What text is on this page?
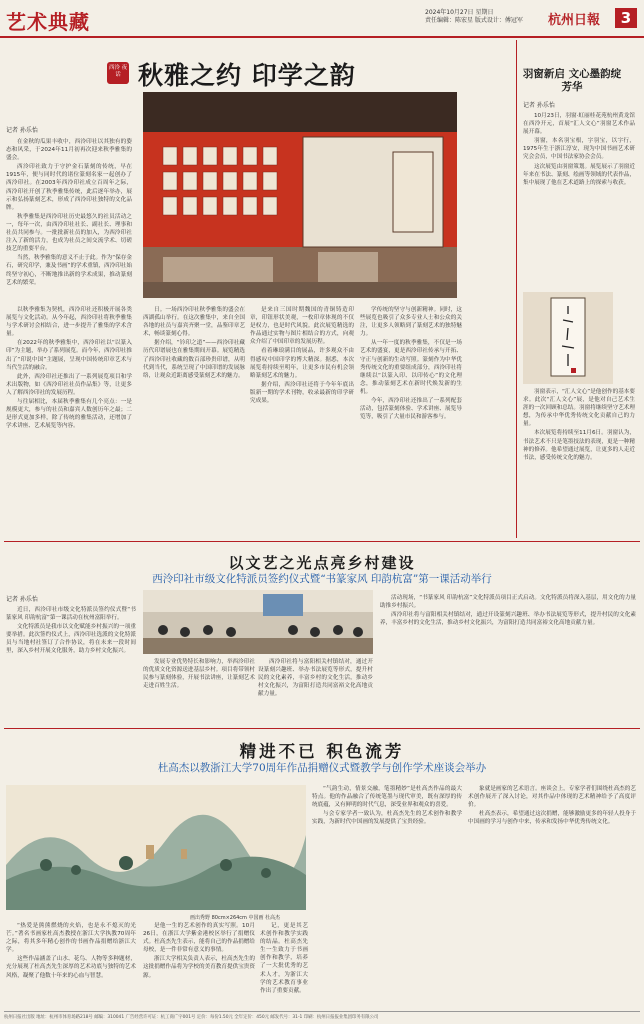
艺术典藏	2024年10月27日 星期日
责任编辑：陈宏星 版式设计：傅冠军	杭州日報	3
西泠 夜话 秋雅之约 印学之韵
记者 孙乐怡

在金秋的瓜果丰收中，西泠印社以其独有的姿态和风采，于2024年11月初再次迎来秋季雅集的盛会。

西泠印社致力于守护金石篆刻的传统，早在1915年，便与同时代的诸位篆刻名家一起创办了西泠印社。在2003年西泠印社成立百周年之际，西泠印社开创了秋季雅集传统，此后逐年举办，展示和弘扬篆刻艺术，形成了西泠印社独特的文化品牌。

秋季雅集是西泠印社历史最悠久的社员活动之一，每年一次，由西泠印社社长、副社长、理事和社员共同参与。一批批新社员的加入，为西泠印社注入了新的活力，也成为社员之间交流学术、切磋技艺的重要平台。

当然，秋季雅集的意义不止于此。作为“保存金石，研究印学，兼及书画”的学术重镇，西泠印社始终坚守初心，不断地推出新的学术成果，推动篆刻艺术的繁荣。

以秋季雅集为契机，西泠印社还积极开展各类展览与文化活动。从今年起，西泠印社将秋季雅集与学术研讨会相结合，进一步提升了雅集的学术含量。

在2022年的秋季雅集中，西泠印社以“以篆入印”为主题，举办了系列展览。而今年，西泠印社推出了“印说中国”主题展，呈现中国传统印章艺术与当代生活的融合。

此外，西泠印社还推出了一系列展览项目和学术出版物，如《西泠印社社员作品集》等，让更多人了解西泠印社的发展历程。

与往届相比，本届秋季雅集有几个亮点：一是规模更大，参与的社员和嘉宾人数创历年之最；二是形式更加多样，除了传统的雅集活动，还增加了学术讲座、艺术展览等内容。

日。一场西泠印社秋季雅集的盛会在西湖孤山举行。在这次雅集中，来自全国各地的社员与嘉宾齐聚一堂，品鉴印章艺术，畅谈篆刻心得。

据介绍，“钤印之道”——西泠印社藏历代印谱展也在雅集期间开幕。展览精选了西泠印社收藏的数百部珍贵印谱，从明代到当代，系统呈现了中国印谱的发展脉络，让观众近距离感受篆刻艺术的魅力。

是来自三国时期魏国的青铜铸造印章，印钮形状美观，一枚印章体现的不仅是权力，也是时代风貌。此次展览精选的作品通过实物与图片相结合的方式，向观众介绍了中国印章的发展历程。

看着琳琅满目的展品，许多观众不由得感叹中国印学的博大精深。据悉，本次展览将持续至明年，让更多市民有机会领略篆刻艺术的魅力。

据介绍，西泠印社还将于今年年底出版新一期的学术刊物，收录最新的印学研究成果。

学传统的坚守与创新精神。同时，这些展览也吸引了众多专业人士和公众的关注，让更多人领略到了篆刻艺术的独特魅力。

从一年一度的秋季雅集，不仅是一场艺术的盛宴，更是西泠印社传承与开拓、守正与创新的生动写照。篆刻作为中华优秀传统文化的重要组成部分，西泠印社将继续以“以篆入印、以印传心”的文化理念，推动篆刻艺术在新时代焕发新的生机。

今年，西泠印社还推出了一系列配套活动，包括篆刻体验、学术讲座、展览导览等，吸引了大量市民和游客参与。

羽窗新启 文心墨韵绽芳华
记者 孙乐怡

10月23日，羽窗·虹丽桂花苑杭州黄龙馆在西泠开元，首展“汇人文心”羽窗艺术作品展开幕。

羽窗，本名羽宝根，字羽宝，以字行，1975年生于浙江淳安，现为中国书画艺术研究会会员，中国书法家协会会员。

这次展览由羽窗策划。展览展示了羽窗近年来在书法、篆刻、绘画等领域的代表作品，集中展现了他在艺术道路上的探索与收获。

羽窗表示，“汇人文心”是他创作的基本要求。此次“汇人文心”展，是他对自己艺术生涯的一次回顾和总结。羽窗将继续坚守艺术理想，为传承中华优秀传统文化贡献自己的力量。

本次展览将持续至11月6日。羽窗认为，书法艺术不只是笔墨技法的表现，更是一种精神的修养。他希望通过展览，让更多的人走近书法，感受传统文化的魅力。

以文艺之光点亮乡村建设
西泠印社市级文化特派员签约仪式暨“书篆家风 印韵杭富”第一课活动举行
记者 孙乐怡

近日，西泠印社市级文化特派员签约仪式暨“书篆家风 印韵杭富”第一课活动在杭州富阳举行。

文化特派员是我市以文化赋能乡村振兴的一项重要举措。此次签约仪式上，西泠印社选派的文化特派员与当地村社签订了合作协议，将在未来一段时间里，深入乡村开展文化服务，助力乡村文化振兴。

发展专业优势特长和影响力，举西泠印社的优质文化资源送进基层乡村。项目将带领村民参与篆刻体验，开展书法讲座，让篆刻艺术走进百姓生活。

西泠印社将与富阳相关村镇结对，通过开设篆刻兴趣班、举办书法展览等形式，提升村民的文化素养，丰富乡村的文化生活，推动乡村文化振兴，为富阳打造共同富裕文化高地贡献力量。

活动现场，“书篆家风 印韵杭富”文化特派员项目正式启动。文化特派员将深入基层，用文化的力量助推乡村振兴。

西泠印社将与富阳相关村镇结对，通过开设篆刻兴趣班、举办书法展览等形式，提升村民的文化素养，丰富乡村的文化生活，推动乡村文化振兴，为富阳打造共同富裕文化高地贡献力量。

精进不已 积色流芳
杜高杰以教浙江大学70周年作品捐赠仪式暨教学与创作学术座谈会举办
画出秀野 80cm×264cm 中国画 杜高杰

“热爱是熊熊燃烧的火焰，也是永不熄灭的光芒。”著名书画家杜高杰教授在浙江大学执教70周年之际，将其多年精心创作的书画作品捐赠给浙江大学。

这些作品涵盖了山水、花鸟、人物等多种题材，充分展现了杜高杰先生深厚的艺术功底与独特的艺术风格，凝聚了他数十年来的心血与智慧。

是他一生的艺术创作的真实写照。10月26日，在浙江大学紫金港校区举行了捐赠仪式。杜高杰先生表示，能将自己的作品捐赠给母校，是一件非常有意义的事情。

浙江大学相关负责人表示，杜高杰先生的这批捐赠作品将为学校的美育教育提供宝贵资源。

记，更是其艺术创作和教学实践的结晶。杜高杰先生一生致力于书画创作和教学，培养了一大批优秀的艺术人才，为浙江大学的艺术教育事业作出了重要贡献。

“气韵生动，情景交融，笔墨精妙”是杜高杰作品的最大特点。他的作品融合了传统笔墨与现代审美，既有深厚的传统底蕴，又有鲜明的时代气息，深受业界和观众的喜爱。

与会专家学者一致认为，杜高杰先生的艺术创作和教学实践，为新时代中国画的发展提供了宝贵经验。

象就是画家的艺术语言。座谈会上，专家学者们围绕杜高杰的艺术创作展开了深入讨论，对其作品中体现的艺术精神给予了高度评价。

杜高杰表示，希望通过这次捐赠，能够激励更多的年轻人投身于中国画的学习与创作中来，传承和发扬中华优秀传统文化。

杭州日报社出版 地址：杭州市体育场路218号 邮编：310041 广告经营许可证：杭工商广字001号 定价：每份1.50元 全年定价：450元 邮发代号：31-1 印刷：杭州日报报业集团印务有限公司
